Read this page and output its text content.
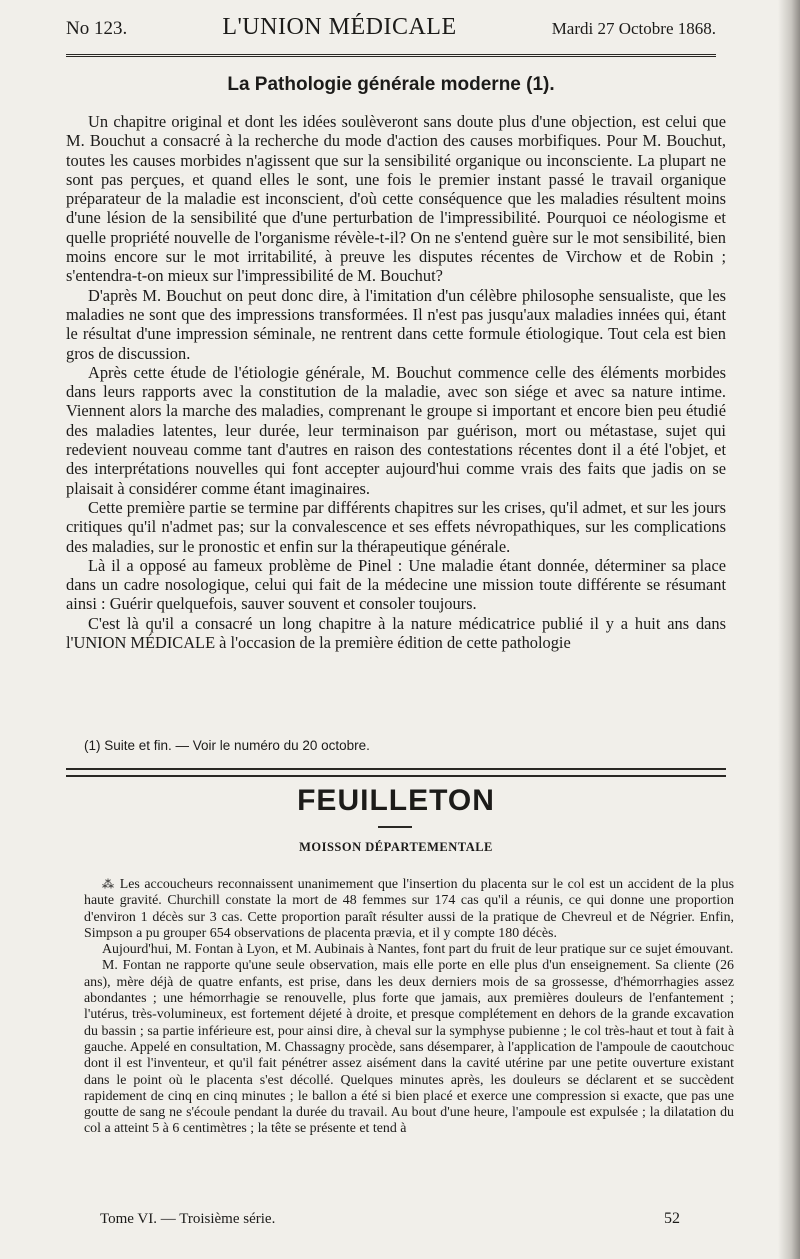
No 123.	L'UNION MÉDICALE	Mardi 27 Octobre 1868.
La Pathologie générale moderne (1).

Un chapitre original et dont les idées soulèveront sans doute plus d'une objection, est celui que M. Bouchut a consacré à la recherche du mode d'action des causes morbifiques. Pour M. Bouchut, toutes les causes morbides n'agissent que sur la sensibilité organique ou inconsciente. La plupart ne sont pas perçues, et quand elles le sont, une fois le premier instant passé le travail organique préparateur de la maladie est inconscient, d'où cette conséquence que les maladies résultent moins d'une lésion de la sensibilité que d'une perturbation de l'impressibilité. Pourquoi ce néologisme et quelle propriété nouvelle de l'organisme révèle-t-il? On ne s'entend guère sur le mot sensibilité, bien moins encore sur le mot irritabilité, à preuve les disputes récentes de Virchow et de Robin ; s'entendra-t-on mieux sur l'impressibilité de M. Bouchut?

D'après M. Bouchut on peut donc dire, à l'imitation d'un célèbre philosophe sensualiste, que les maladies ne sont que des impressions transformées. Il n'est pas jusqu'aux maladies innées qui, étant le résultat d'une impression séminale, ne rentrent dans cette formule étiologique. Tout cela est bien gros de discussion.

Après cette étude de l'étiologie générale, M. Bouchut commence celle des éléments morbides dans leurs rapports avec la constitution de la maladie, avec son siége et avec sa nature intime. Viennent alors la marche des maladies, comprenant le groupe si important et encore bien peu étudié des maladies latentes, leur durée, leur terminaison par guérison, mort ou métastase, sujet qui redevient nouveau comme tant d'autres en raison des contestations récentes dont il a été l'objet, et des interprétations nouvelles qui font accepter aujourd'hui comme vrais des faits que jadis on se plaisait à considérer comme étant imaginaires.

Cette première partie se termine par différents chapitres sur les crises, qu'il admet, et sur les jours critiques qu'il n'admet pas; sur la convalescence et ses effets névropathiques, sur les complications des maladies, sur le pronostic et enfin sur la thérapeutique générale.

Là il a opposé au fameux problème de Pinel : Une maladie étant donnée, déterminer sa place dans un cadre nosologique, celui qui fait de la médecine une mission toute différente se résumant ainsi : Guérir quelquefois, sauver souvent et consoler toujours.

C'est là qu'il a consacré un long chapitre à la nature médicatrice publié il y a huit ans dans l'UNION MÉDICALE à l'occasion de la première édition de cette pathologie

(1) Suite et fin. — Voir le numéro du 20 octobre.
FEUILLETON
MOISSON DÉPARTEMENTALE

⁂ Les accoucheurs reconnaissent unanimement que l'insertion du placenta sur le col est un accident de la plus haute gravité. Churchill constate la mort de 48 femmes sur 174 cas qu'il a réunis, ce qui donne une proportion d'environ 1 décès sur 3 cas. Cette proportion paraît résulter aussi de la pratique de Chevreul et de Négrier. Enfin, Simpson a pu grouper 654 observations de placenta prævia, et il y compte 180 décès.

Aujourd'hui, M. Fontan à Lyon, et M. Aubinais à Nantes, font part du fruit de leur pratique sur ce sujet émouvant.

M. Fontan ne rapporte qu'une seule observation, mais elle porte en elle plus d'un enseignement. Sa cliente (26 ans), mère déjà de quatre enfants, est prise, dans les deux derniers mois de sa grossesse, d'hémorrhagies assez abondantes ; une hémorrhagie se renouvelle, plus forte que jamais, aux premières douleurs de l'enfantement ; l'utérus, très-volumineux, est fortement déjeté à droite, et presque complétement en dehors de la grande excavation du bassin ; sa partie inférieure est, pour ainsi dire, à cheval sur la symphyse pubienne ; le col très-haut et tout à fait à gauche. Appelé en consultation, M. Chassagny procède, sans désemparer, à l'application de l'ampoule de caoutchouc dont il est l'inventeur, et qu'il fait pénétrer assez aisément dans la cavité utérine par une petite ouverture existant dans le point où le placenta s'est décollé. Quelques minutes après, les douleurs se déclarent et se succèdent rapidement de cinq en cinq minutes ; le ballon a été si bien placé et exerce une compression si exacte, que pas une goutte de sang ne s'écoule pendant la durée du travail. Au bout d'une heure, l'ampoule est expulsée ; la dilatation du col a atteint 5 à 6 centimètres ; la tête se présente et tend à

Tome VI. — Troisième série.	52
